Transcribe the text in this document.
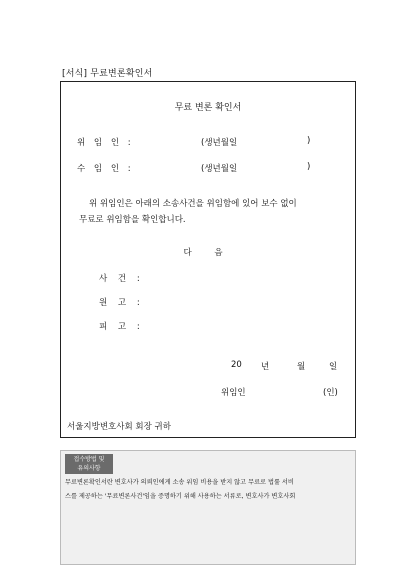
[서식] 무료변론확인서
무료 변론 확인서
위 임 인 :	(생년월일	)
수 임 인 :	(생년월일	)
위 위임인은 아래의 소송사건을 위임함에 있어 보수 없이
무료로 위임함을 확인합니다.
다 음
사 건 :
원 고 :
피 고 :
20 년	월	일
위임인	(인)
서울지방변호사회 회장 귀하
접수방법 및
유의사항
무료변론확인서란 변호사가 의뢰인에게 소송 위임 비용을 받지 않고 무료로 법률 서비
스를 제공하는 '무료변론사건'임을 증명하기 위해 사용하는 서류로, 변호사가 변호사회
